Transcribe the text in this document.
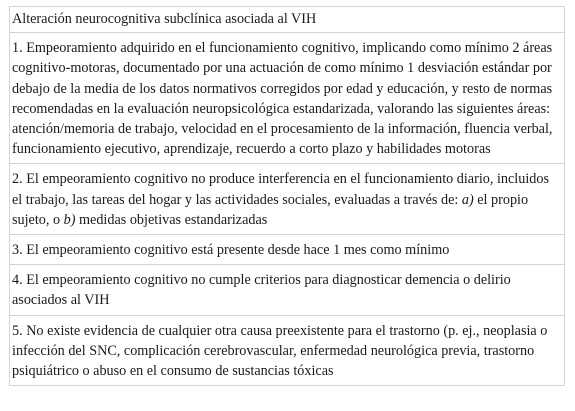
Alteración neurocognitiva subclínica asociada al VIH
1. Empeoramiento adquirido en el funcionamiento cognitivo, implicando como mínimo 2 áreas cognitivo-motoras, documentado por una actuación de como mínimo 1 desviación estándar por debajo de la media de los datos normativos corregidos por edad y educación, y resto de normas recomendadas en la evaluación neuropsicológica estandarizada, valorando las siguientes áreas: atención/memoria de trabajo, velocidad en el procesamiento de la información, fluencia verbal, funcionamiento ejecutivo, aprendizaje, recuerdo a corto plazo y habilidades motoras
2. El empeoramiento cognitivo no produce interferencia en el funcionamiento diario, incluidos el trabajo, las tareas del hogar y las actividades sociales, evaluadas a través de: a) el propio sujeto, o b) medidas objetivas estandarizadas
3. El empeoramiento cognitivo está presente desde hace 1 mes como mínimo
4. El empeoramiento cognitivo no cumple criterios para diagnosticar demencia o delirio asociados al VIH
5. No existe evidencia de cualquier otra causa preexistente para el trastorno (p. ej., neoplasia o infección del SNC, complicación cerebrovascular, enfermedad neurológica previa, trastorno psiquiátrico o abuso en el consumo de sustancias tóxicas
